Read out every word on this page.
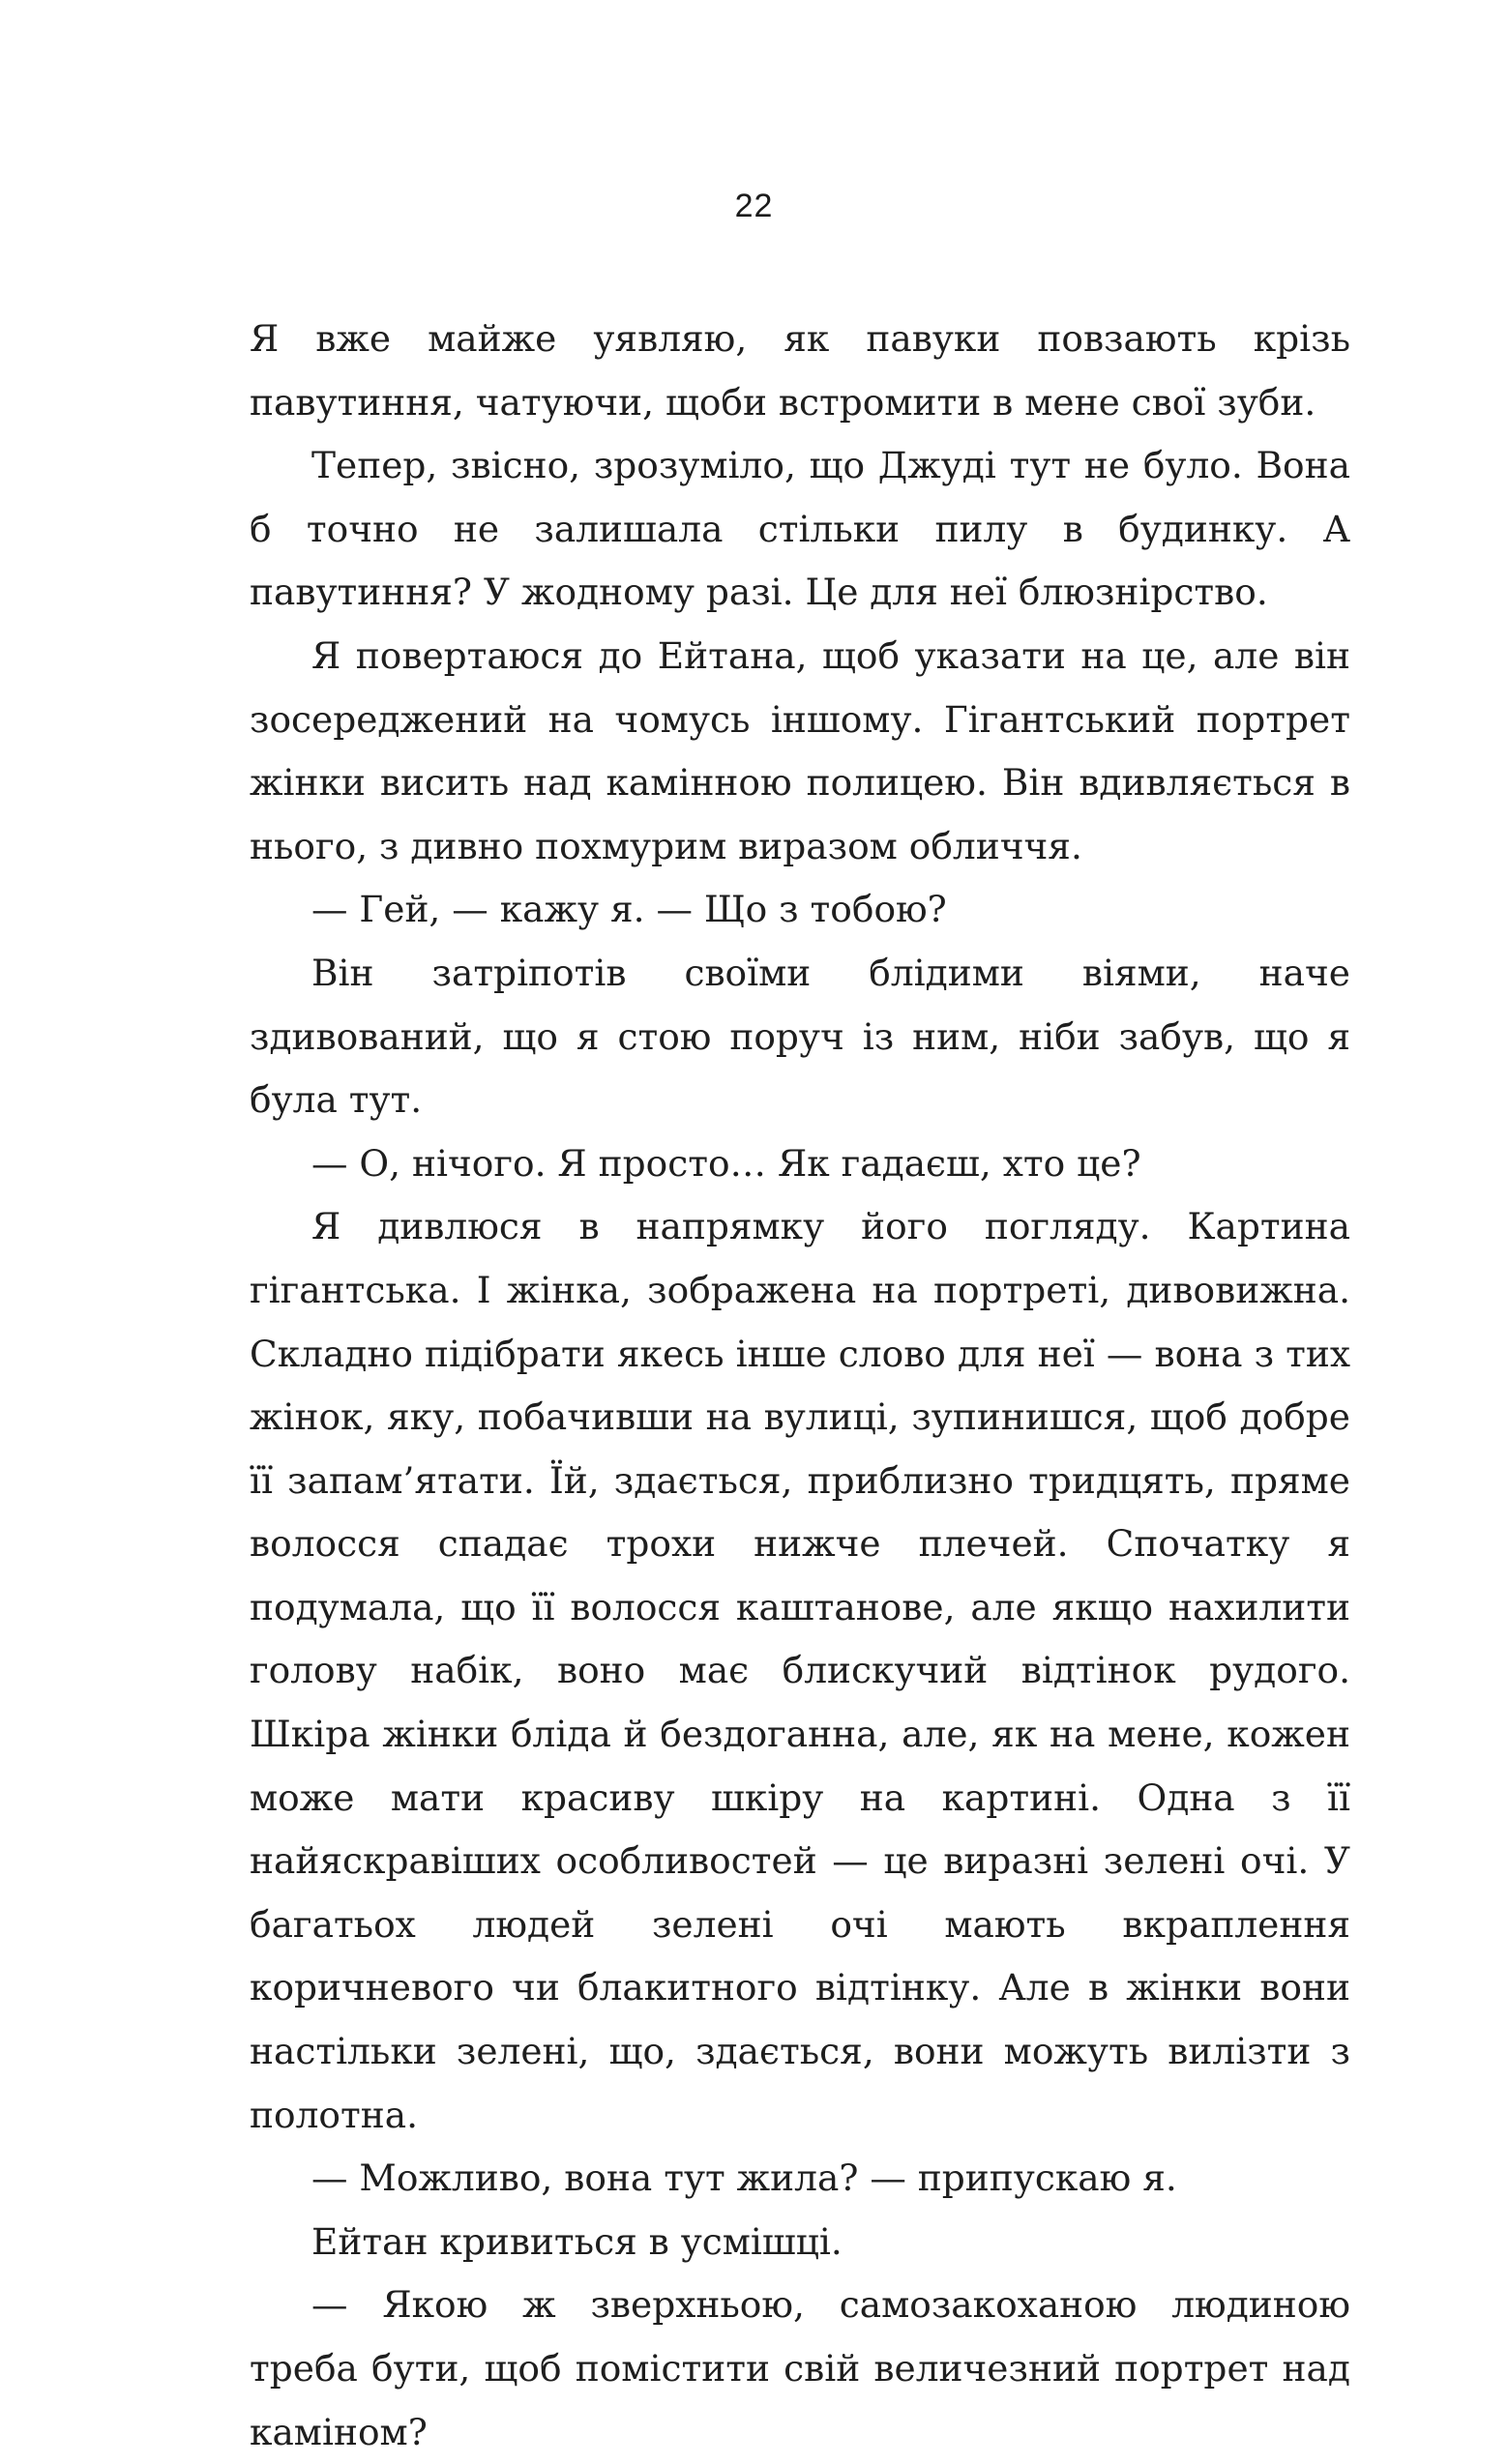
22

Я вже майже уявляю, як павуки повзають крізь павутиння, чатуючи, щоби встромити в мене свої зуби.

Тепер, звісно, зрозуміло, що Джуді тут не було. Вона б точно не залишала стільки пилу в будинку. А павутиння? У жодному разі. Це для неї блюзнірство.

Я повертаюся до Ейтана, щоб указати на це, але він зосереджений на чомусь іншому. Гігантський портрет жінки висить над камінною полицею. Він вдивляється в нього, з дивно похмурим виразом обличчя.

— Гей, — кажу я. — Що з тобою?

Він затріпотів своїми блідими віями, наче здивований, що я стою поруч із ним, ніби забув, що я була тут.

— О, нічого. Я просто… Як гадаєш, хто це?

Я дивлюся в напрямку його погляду. Картина гігантська. І жінка, зображена на портреті, дивовижна. Складно підібрати якесь інше слово для неї — вона з тих жінок, яку, побачивши на вулиці, зупинишся, щоб добре її запам’ятати. Їй, здається, приблизно тридцять, пряме волосся спадає трохи нижче плечей. Спочатку я подумала, що її волосся каштанове, але якщо нахилити голову набік, воно має блискучий відтінок рудого. Шкіра жінки бліда й бездоганна, але, як на мене, кожен може мати красиву шкіру на картині. Одна з її найяскравіших особливостей — це виразні зелені очі. У багатьох людей зелені очі мають вкраплення коричневого чи блакитного відтінку. Але в жінки вони настільки зелені, що, здається, вони можуть вилізти з полотна.

— Можливо, вона тут жила? — припускаю я.

Ейтан кривиться в усмішці.

— Якою ж зверхньою, самозакоханою людиною треба бути, щоб помістити свій величезний портрет над каміном?
